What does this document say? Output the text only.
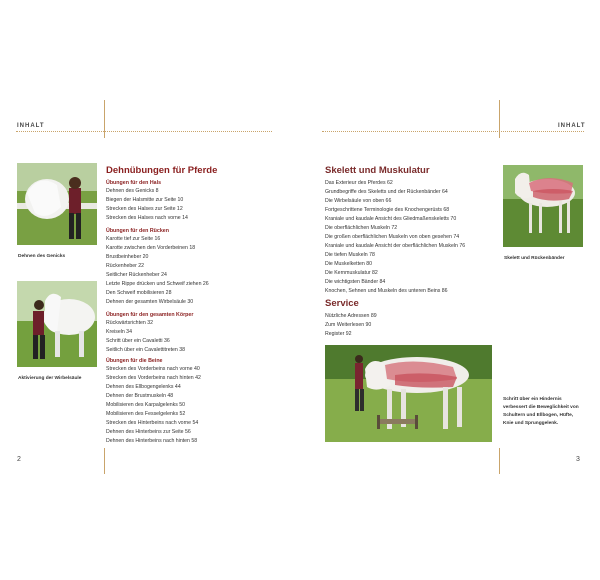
INHALT
Dehnen des Genicks
Aktivierung der Wirbelsäule
Dehnübungen für Pferde
Übungen für den Hals
Dehnen des Genicks 8
Biegen der Halsmitte zur Seite 10
Strecken des Halses zur Seite 12
Strecken des Halses nach vorne 14
Übungen für den Rücken
Karotte tief zur Seite 16
Karotte zwischen den Vorderbeinen 18
Brustbeinheber 20
Rückenheber 22
Seitlicher Rückenheber 24
Letzte Rippe drücken und Schweif ziehen 26
Den Schweif mobilisieren 28
Dehnen der gesamten Wirbelsäule 30
Übungen für den gesamten Körper
Rückwärtsrichten 32
Kreiseln 34
Schritt über ein Cavaletti 36
Seitlich über ein Cavalettitreten 38
Übungen für die Beine
Strecken des Vorderbeins nach vorne 40
Strecken des Vorderbeins nach hinten 42
Dehnen des Ellbogengelenks 44
Dehnen der Brustmuskeln 48
Mobilisieren des Karpalgelenks 50
Mobilisieren des Fesselgelenks 52
Strecken des Hinterbeins nach vorne 54
Dehnen des Hinterbeins zur Seite 56
Dehnen des Hinterbeins nach hinten 58
2
INHALT
Skelett und Muskulatur
Das Exterieur des Pferdes 62
Grundbegriffe des Skeletts und der Rückenbänder 64
Die Wirbelsäule von oben 66
Fortgeschrittene Terminologie des Knochengerüsts 68
Kraniale und kaudale Ansicht des Gliedmaßenskeletts 70
Die oberflächlichen Muskeln 72
Die großen oberflächlichen Muskeln von oben gesehen 74
Kraniale und kaudale Ansicht der oberflächlichen Muskeln 76
Die tiefen Muskeln 78
Die Muskelketten 80
Die Kernmuskulatur 82
Die wichtigsten Bänder 84
Knochen, Sehnen und Muskeln des unteren Beins 86
Service
Nützliche Adressen 89
Zum Weiterlesen 90
Register 92
Skelett und Rückenbänder
Schritt über ein Hindernis verbessert die Beweglichkeit von Schultern und Ellbogen, Hüfte, Knie und Sprunggelenk.
3
